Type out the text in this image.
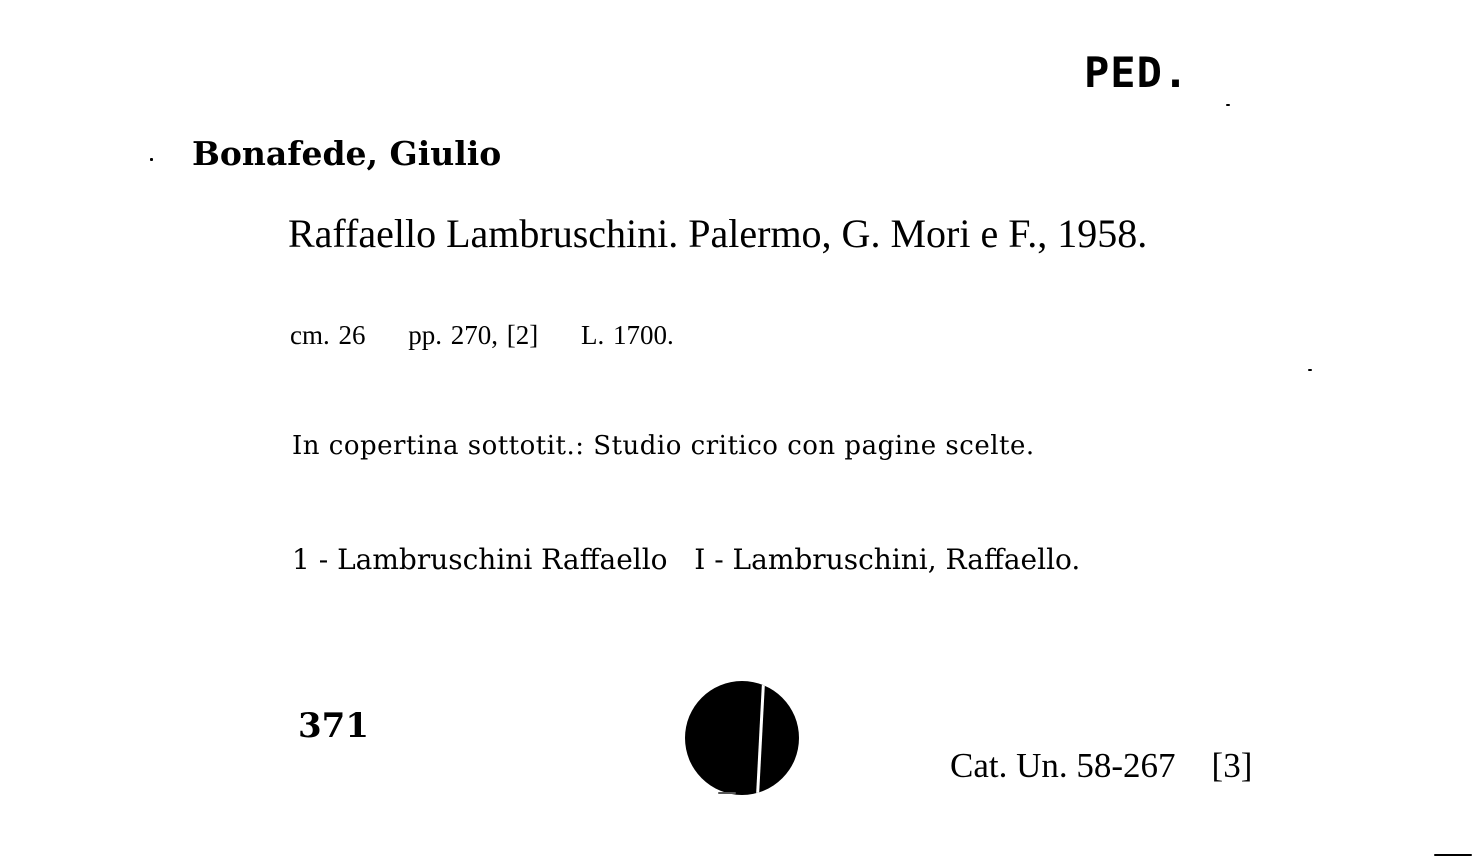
PED.
Bonafede, Giulio
Raffaello Lambruschini. Palermo, G. Mori e F., 1958.
cm. 26 pp. 270, [2] L. 1700.
In copertina sottotit.: Studio critico con pagine scelte.
1 - Lambruschini Raffaello   I - Lambruschini, Raffaello.
371
Cat. Un. 58-267 [3]
